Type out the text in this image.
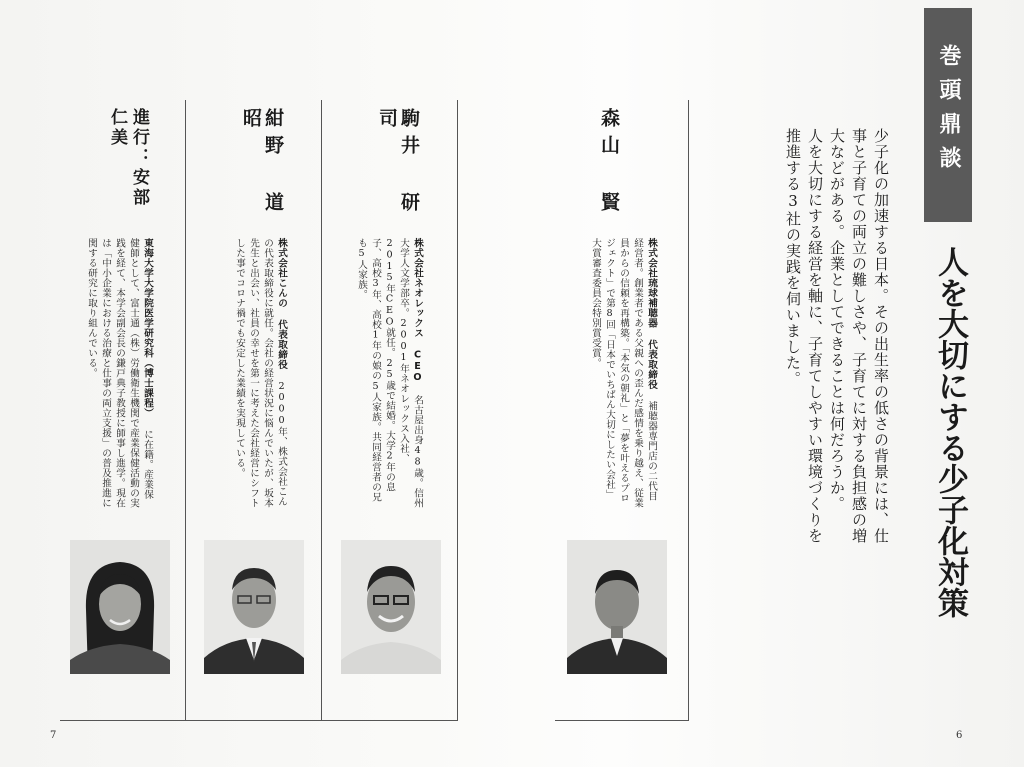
巻頭鼎談
人を大切にする少子化対策
少子化の加速する日本。その出生率の低さの背景には、仕事と子育ての両立の難しさや、子育てに対する負担感の増大などがある。企業としてできることは何だろうか。
人を大切にする経営を軸に、子育てしやすい環境づくりを推進する3社の実践を伺いました。
森山 賢
株式会社琉球補聴器 代表取締役 補聴器専門店の二代目経営者。創業者である父親への歪んだ感情を乗り越え、従業員からの信頼を再構築。「本気の朝礼」と「夢を叶えるプロジェクト」で第8回「日本でいちばん大切にしたい会社」大賞審査委員会特別賞受賞。
駒井 研司
株式会社ネオレックス CEO 名古屋出身48歳。信州大学人文学部卒。2001年ネオレックス入社、2015年CEO就任。25歳で結婚。大学2年の息子、高校3年、高校1年の娘の5人家族。共同経営者の兄も5人家族。
紺野 道昭
株式会社こんの 代表取締役 2000年、株式会社こんの代表取締役に就任。会社の経営状況に悩んでいたが、坂本先生と出会い、社員の幸せを第一に考えた会社経営にシフトした事でコロナ禍でも安定した業績を実現している。
進行：安部 仁美
東海大学大学院医学研究科（博士課程） に在籍。産業保健師として、富士通（株）労働衛生機関で産業保健活動の実践を経て、本学会副会長の鎌戸典子教授に師事し進学。現在は「中小企業における治療と仕事の両立支援」の普及推進に関する研究に取り組んでいる。
7	6
